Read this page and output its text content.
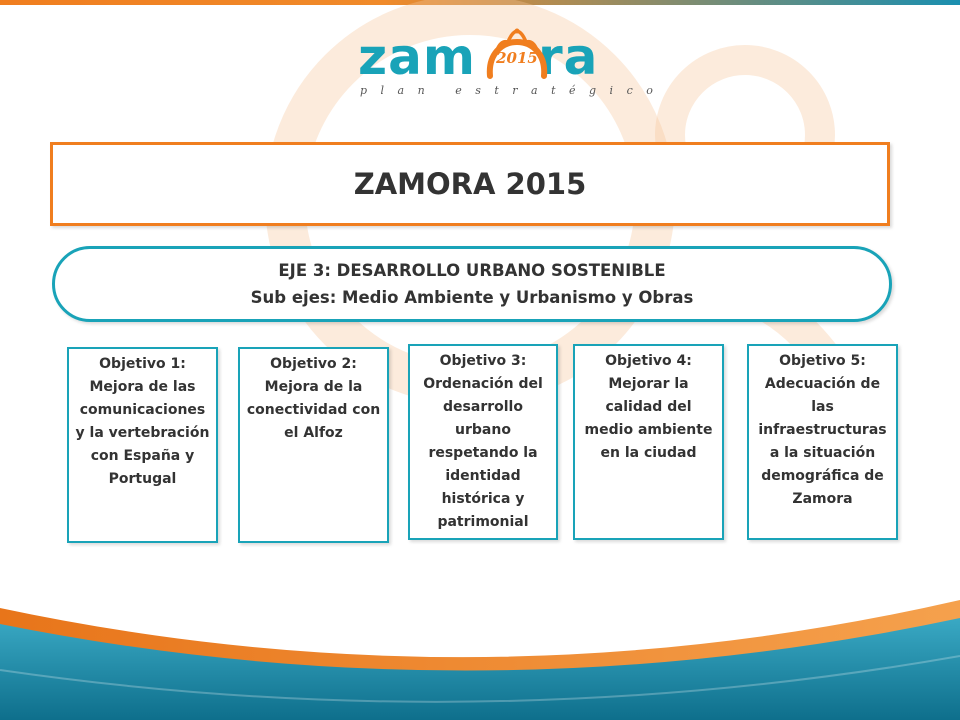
zam ra
2015
plan estratégico
ZAMORA 2015
EJE 3: DESARROLLO URBANO SOSTENIBLE
Sub ejes: Medio Ambiente y Urbanismo y Obras
Objetivo 1:
Mejora de las comunicaciones y la vertebración con España y Portugal
Objetivo 2:
Mejora de la conectividad con el Alfoz
Objetivo 3:
Ordenación del desarrollo urbano respetando la identidad histórica y patrimonial
Objetivo 4:
Mejorar la calidad del medio ambiente en la ciudad
Objetivo 5:
Adecuación de las infraestructuras a la situación demográfica de Zamora
